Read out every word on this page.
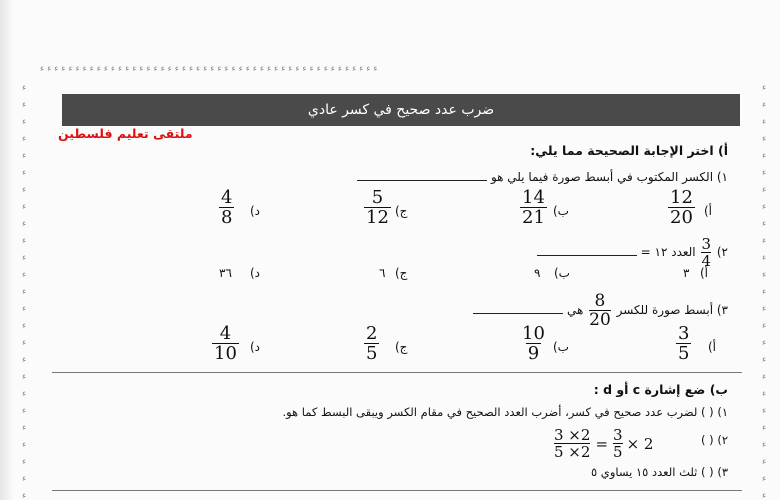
ﺀ ﺀ ﺀ ﺀ ﺀ ﺀ ﺀ ﺀ ﺀ ﺀ ﺀ ﺀ ﺀ ﺀ ﺀ ﺀ ﺀ ﺀ ﺀ ﺀ ﺀ ﺀ ﺀ ﺀ ﺀ ﺀ ﺀ ﺀ ﺀ ﺀ ﺀ ﺀ ﺀ ﺀ ﺀ ﺀ ﺀ ﺀ ﺀ ﺀ ﺀ ﺀ ﺀ ﺀ ﺀ ﺀ ﺀ ﺀ
ﺀ
ﺀ
ﺀ
ﺀ
ﺀ
ﺀ
ﺀ
ﺀ
ﺀ
ﺀ
ﺀ
ﺀ
ﺀ
ﺀ
ﺀ
ﺀ
ﺀ
ﺀ
ﺀ
ﺀ
ﺀ
ﺀ
ﺀ
ﺀ
ﺀ
ﺀ
ﺀ
ﺀ
ﺀ
ﺀ
ﺀ
ﺀ
ﺀ
ﺀ
ﺀ
ﺀ
ﺀ
ﺀ
ﺀ
ﺀ
ﺀ
ﺀ
ﺀ
ﺀ
ﺀ
ﺀ
ﺀ
ﺀ
ﺀ
ﺀ
ضرب عدد صحيح في كسر عادي
ملتقى تعليم فلسطين
أ) اختر الإجابة الصحيحة مما يلي:
١) الكسر المكتوب في أبسط صورة فيما يلي هو
أ)
$\frac{12}{20}$
ب)
$\frac{14}{21}$
ج)
$\frac{5}{12}$
د)
$\frac{4}{8}$
٢)
$\frac{3}{4}$
العدد ١٢ =
أ)
٣
ب)
٩
ج)
٦
د)
٣٦
٣) أبسط صورة للكسر
$\frac{8}{20}$
هي
أ)
$\frac{3}{5}$
ب)
$\frac{10}{9}$
ج)
$\frac{2}{5}$
د)
$\frac{4}{10}$
ب) ضع إشارة c أو d :
١) ( ) لضرب عدد صحيح في كسر، أضرب العدد الصحيح في مقام الكسر ويبقى البسط كما هو.
٢) ( )
$\frac{3 \times 2}{5 \times 2} = \frac{3}{5} \times 2$
٣) ( ) ثلث العدد ١٥ يساوي ٥
